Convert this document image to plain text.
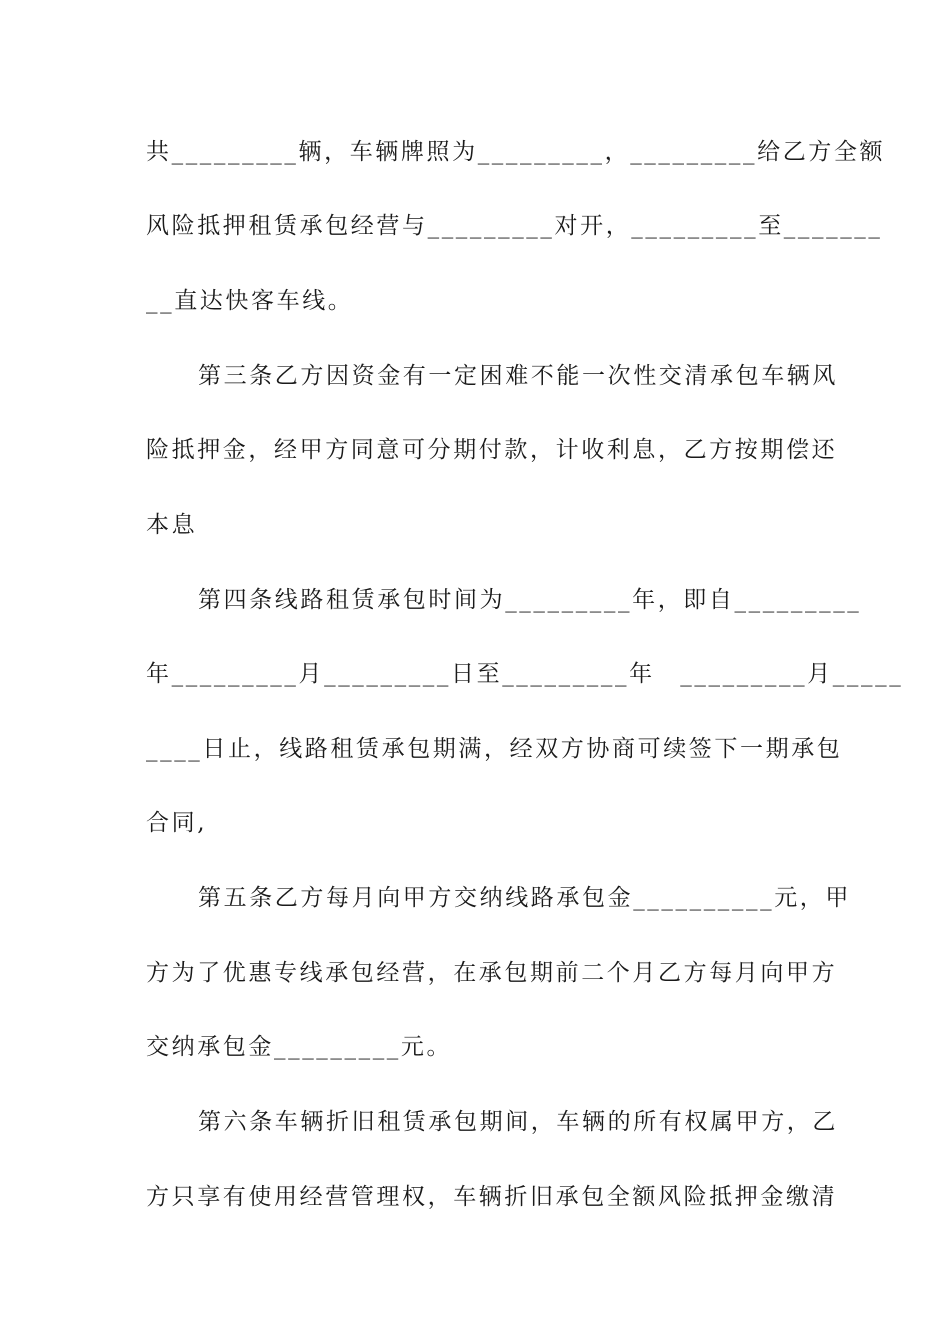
共_________辆，车辆牌照为_________，_________给乙方全额
风险抵押租赁承包经营与_________对开，_________至_______
__直达快客车线。
第三条乙方因资金有一定困难不能一次性交清承包车辆风
险抵押金，经甲方同意可分期付款，计收利息，乙方按期偿还
本息
第四条线路租赁承包时间为_________年，即自_________
年_________月_________日至_________年　_________月_____
____日止，线路租赁承包期满，经双方协商可续签下一期承包
合同,
第五条乙方每月向甲方交纳线路承包金__________元，甲
方为了优惠专线承包经营，在承包期前二个月乙方每月向甲方
交纳承包金_________元。
第六条车辆折旧租赁承包期间，车辆的所有权属甲方，乙
方只享有使用经营管理权，车辆折旧承包全额风险抵押金缴清
